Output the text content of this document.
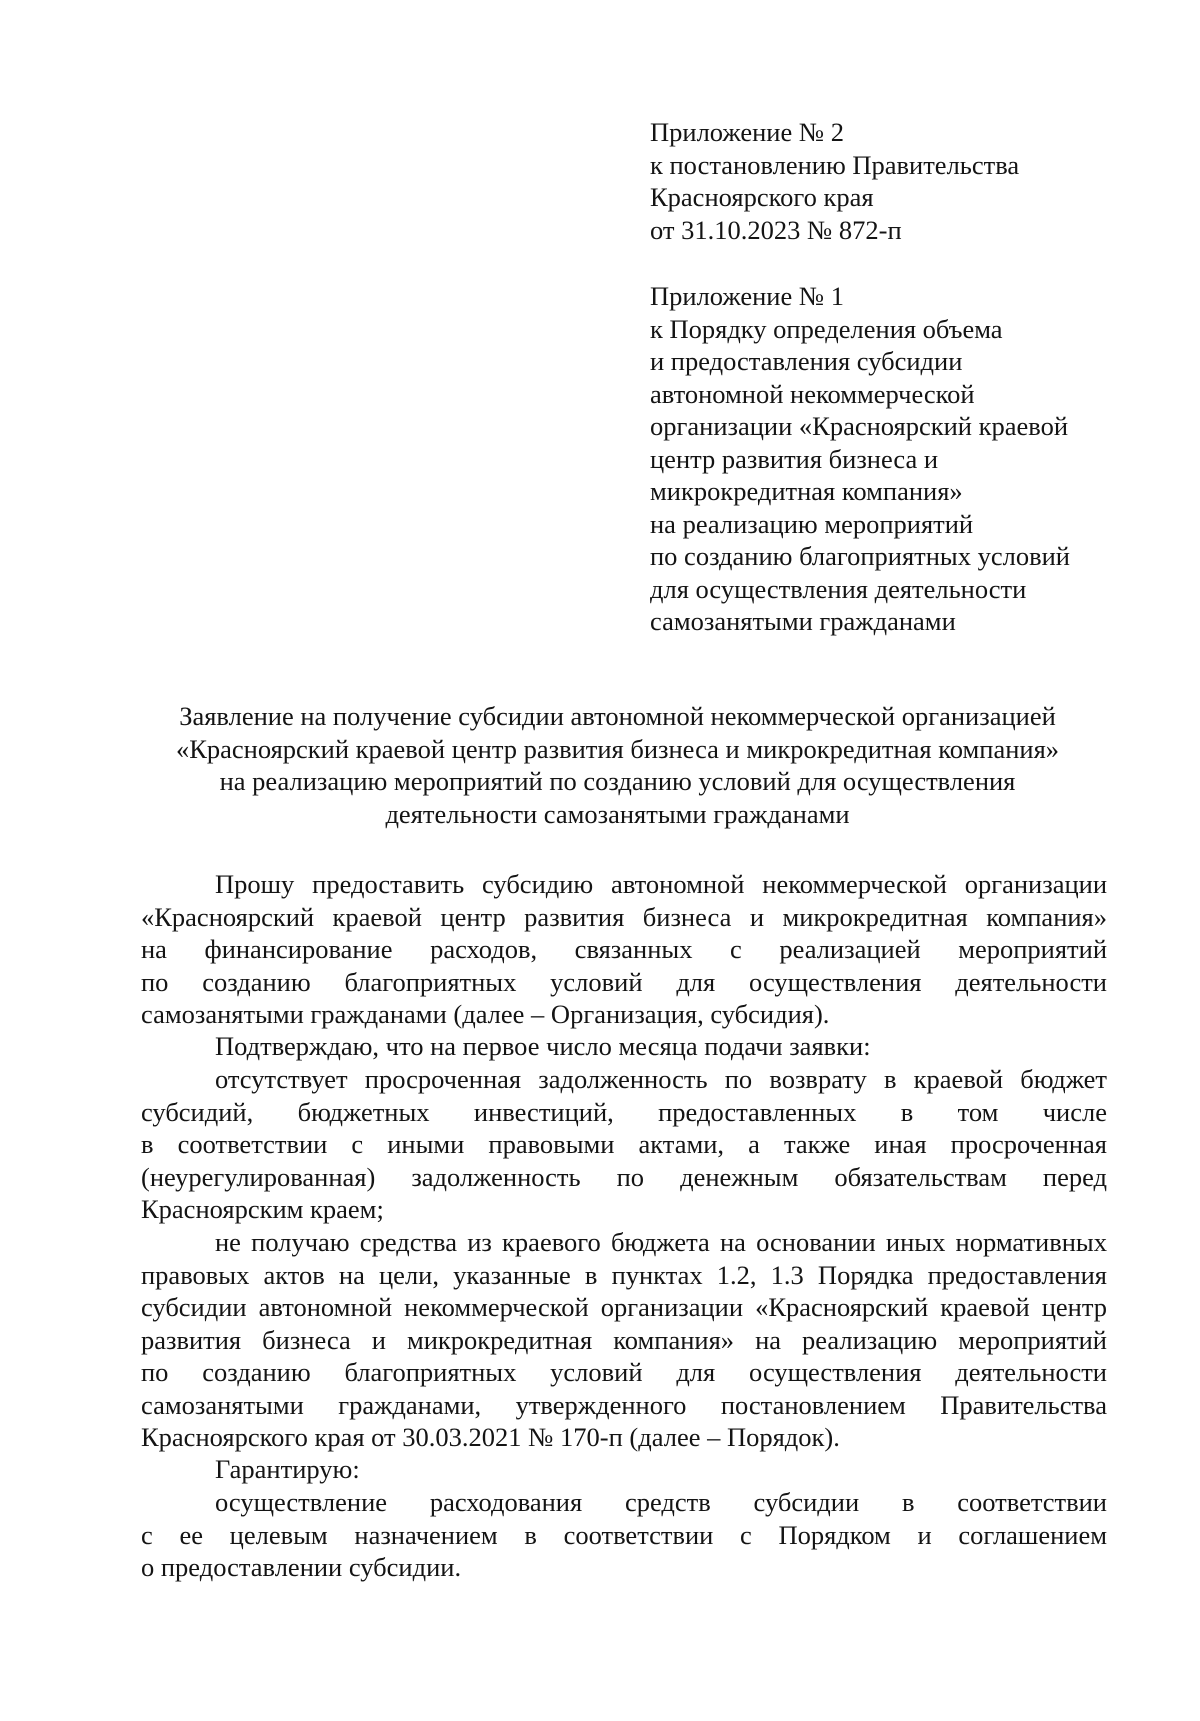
Приложение № 2
к постановлению Правительства
Красноярского края
от 31.10.2023 № 872-п
Приложение № 1
к Порядку определения объема
и предоставления субсидии
автономной некоммерческой
организации «Красноярский краевой
центр развития бизнеса и
микрокредитная компания»
на реализацию мероприятий
по созданию благоприятных условий
для осуществления деятельности
самозанятыми гражданами
Заявление на получение субсидии автономной некоммерческой организацией
«Красноярский краевой центр развития бизнеса и микрокредитная компания»
на реализацию мероприятий по созданию условий для осуществления
деятельности самозанятыми гражданами
Прошу предоставить субсидию автономной некоммерческой организации
«Красноярский краевой центр развития бизнеса и микрокредитная компания»
на финансирование расходов, связанных с реализацией мероприятий
по созданию благоприятных условий для осуществления деятельности
самозанятыми гражданами (далее – Организация, субсидия).
Подтверждаю, что на первое число месяца подачи заявки:
отсутствует просроченная задолженность по возврату в краевой бюджет
субсидий, бюджетных инвестиций, предоставленных в том числе
в соответствии с иными правовыми актами, а также иная просроченная
(неурегулированная) задолженность по денежным обязательствам перед
Красноярским краем;
не получаю средства из краевого бюджета на основании иных нормативных
правовых актов на цели, указанные в пунктах 1.2, 1.3 Порядка предоставления
субсидии автономной некоммерческой организации «Красноярский краевой центр
развития бизнеса и микрокредитная компания» на реализацию мероприятий
по созданию благоприятных условий для осуществления деятельности
самозанятыми гражданами, утвержденного постановлением Правительства
Красноярского края от 30.03.2021 № 170-п (далее – Порядок).
Гарантирую:
осуществление расходования средств субсидии в соответствии
с ее целевым назначением в соответствии с Порядком и соглашением
о предоставлении субсидии.
